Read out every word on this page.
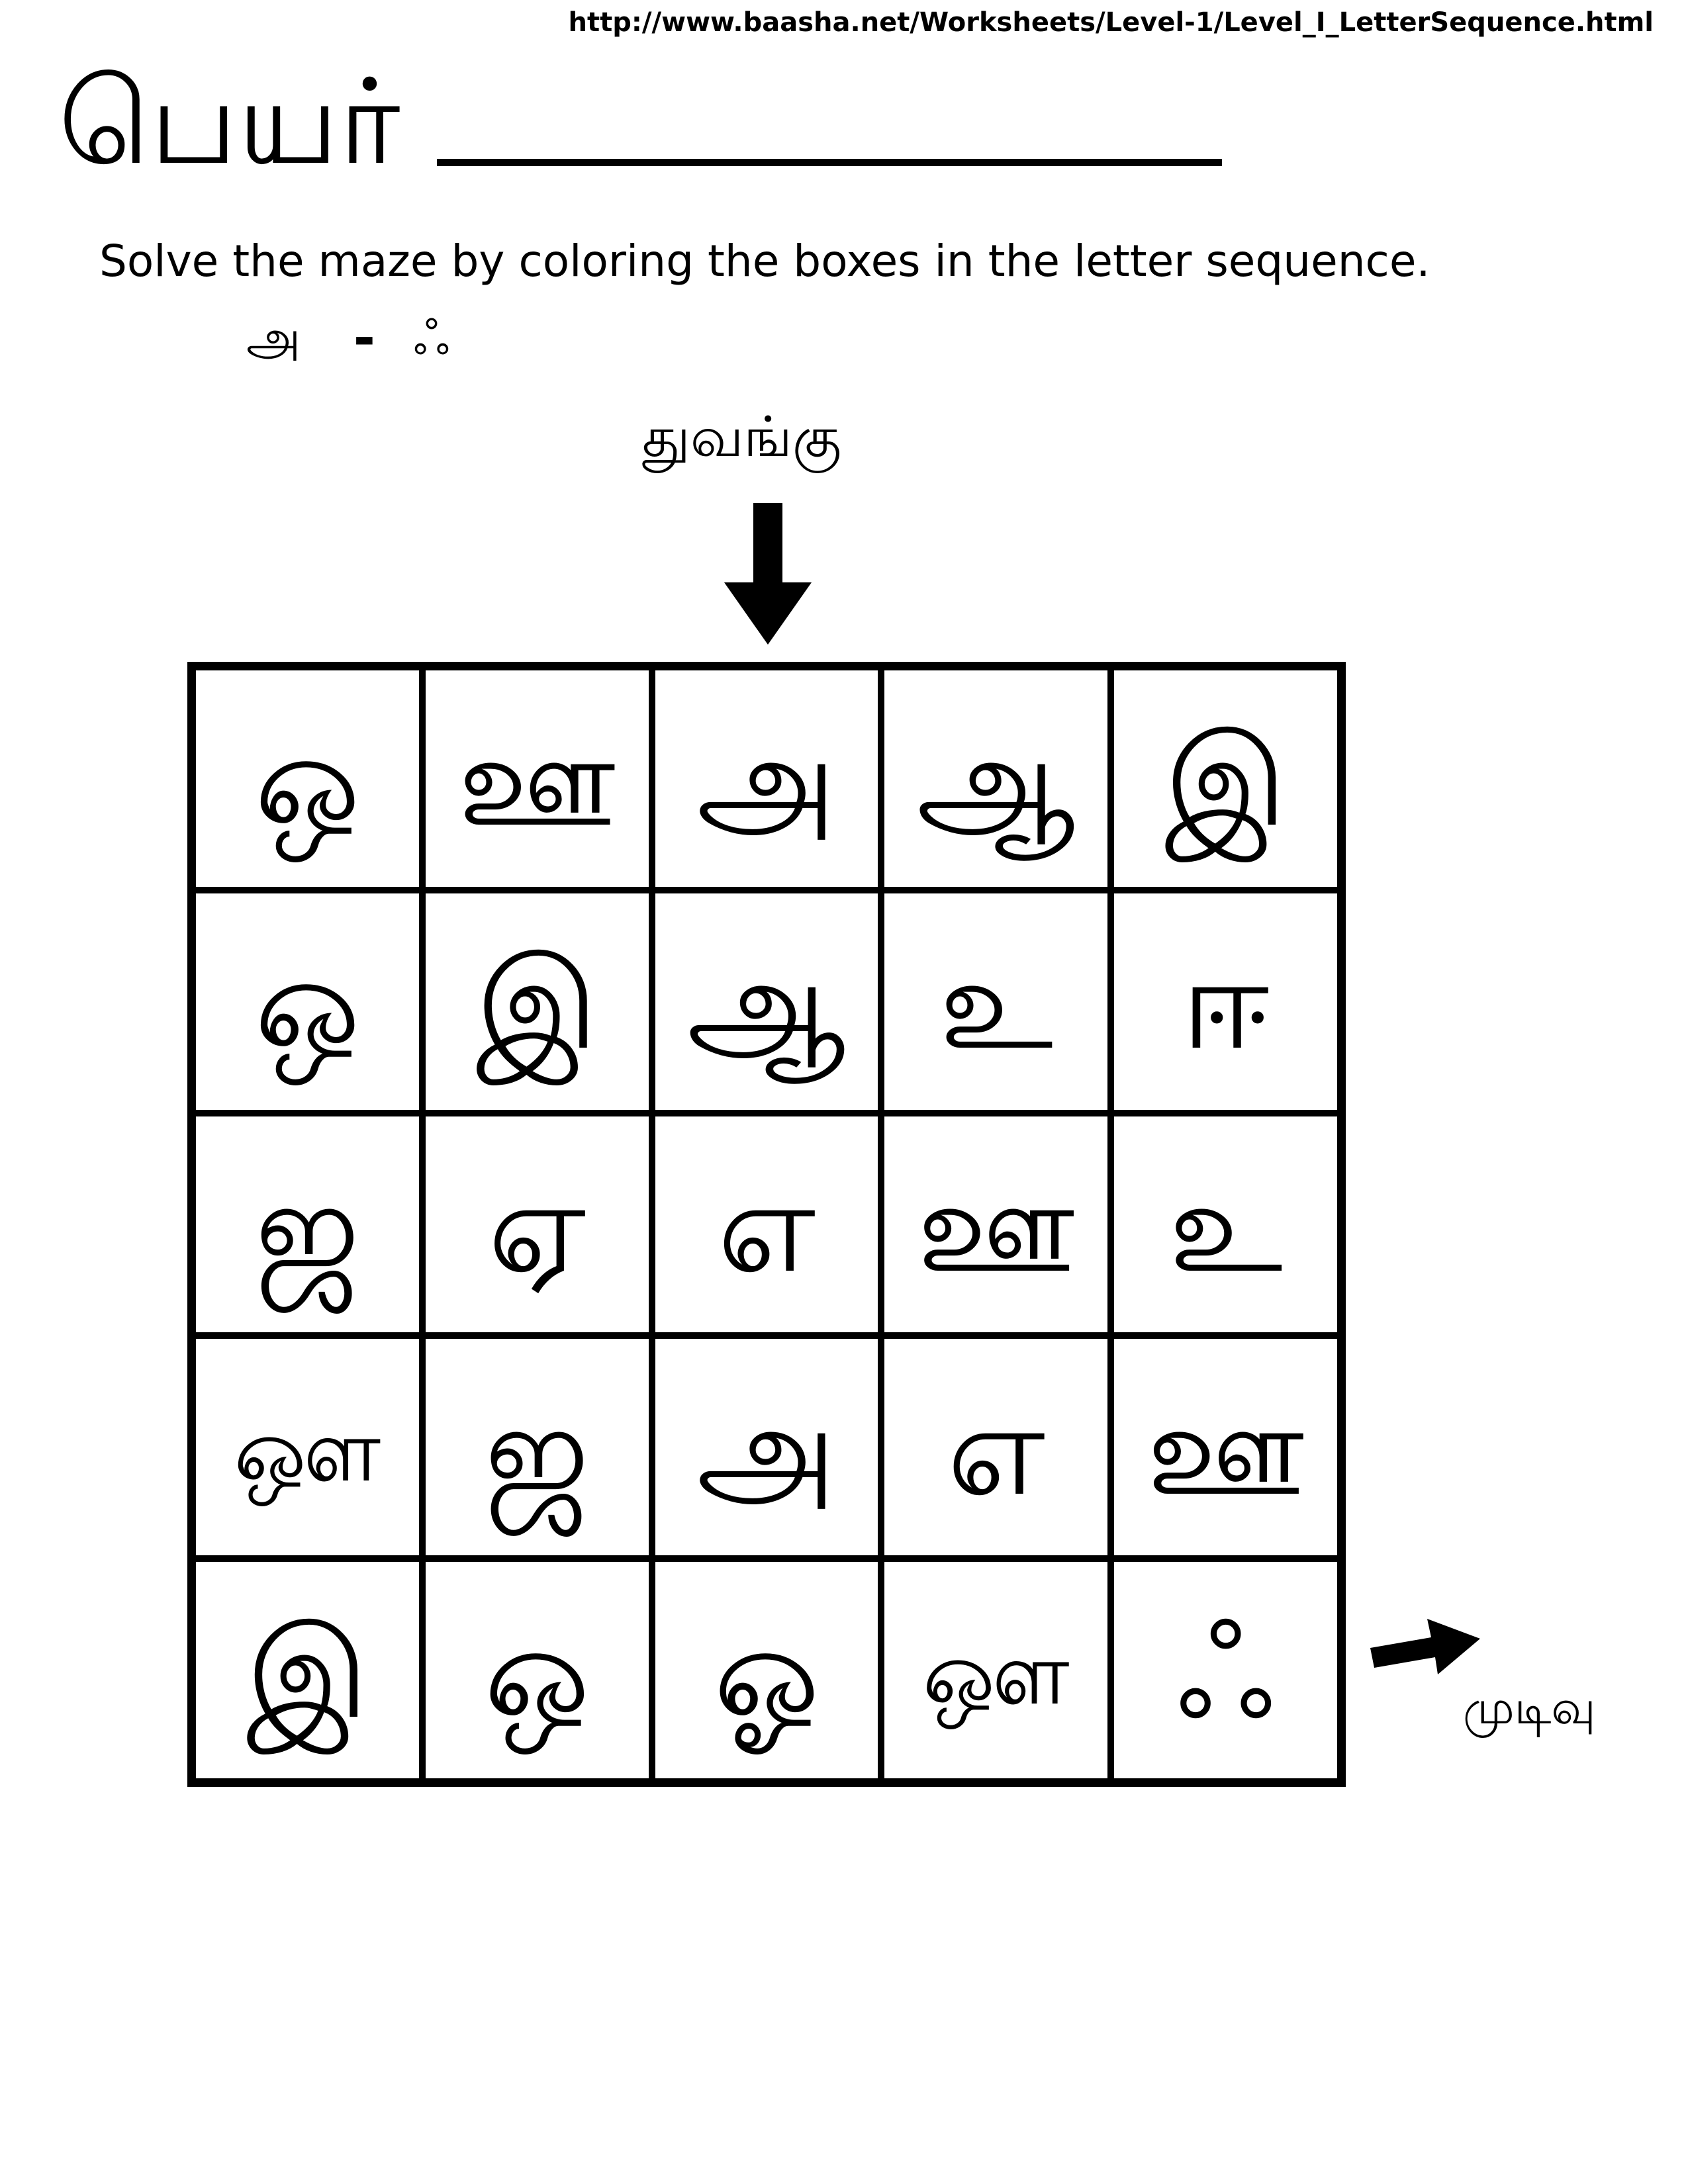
http://www.baasha.net/Worksheets/Level-1/Level_I_LetterSequence.html
பெயர்
Solve the maze by coloring the boxes in the letter sequence.
அ - ஃ
துவங்கு
ஒ ஊ அ ஆ இ
ஒ இ ஆ உ	ஈ
ஜ	ஏ	எ ஊ உ
ஔ ஜ அ எ ஊ
இ ஒ ஓ	ஔ ஃ	முடிவு
